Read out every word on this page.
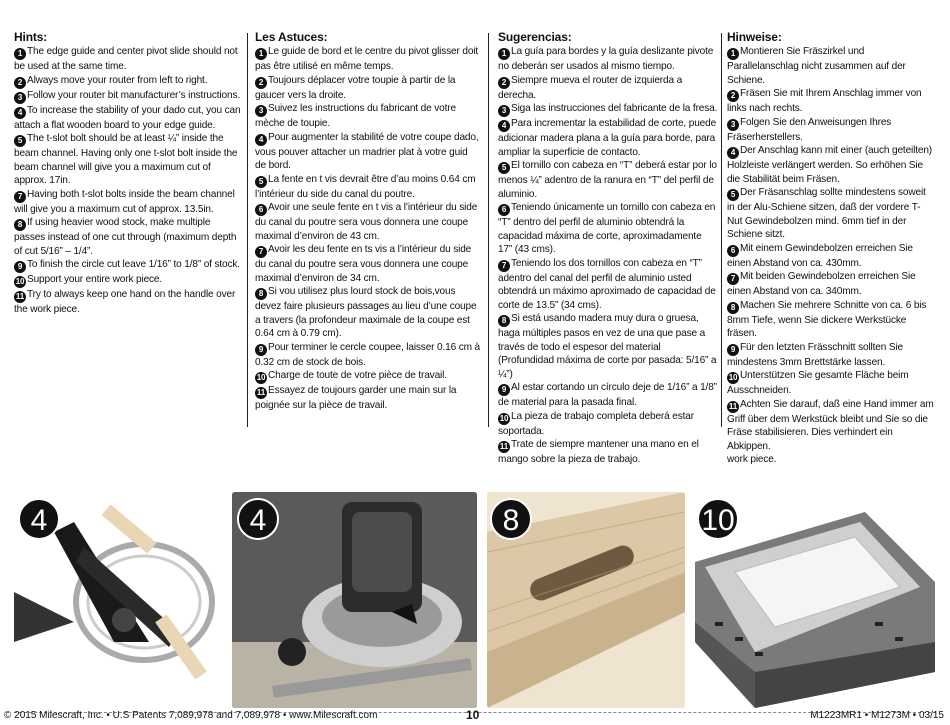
Hints:

1 The edge guide and center pivot slide should not be used at the same time.

2 Always move your router from left to right.

3 Follow your router bit manufacturer’s instructions.

4 To increase the stability of your dado cut, you can attach a flat wooden board to your edge guide.

5 The t-slot bolt should be at least ¼” inside the beam channel. Having only one t-slot bolt inside the beam channel will give you a maximum cut of approx. 17in.

7 Having both t-slot bolts inside the beam channel will give you a maximum cut of approx. 13.5in.

8 If using heavier wood stock, make multiple passes instead of one cut through (maximum depth of cut 5/16” – 1/4”.

9 To finish the circle cut leave 1/16” to 1/8” of stock.

10 Support your entire work piece.

11 Try to always keep one hand on the handle over the work piece.

Les Astuces:

1 Le guide de bord et le centre du pivot glisser doit pas être utilisé en même temps.

2 Toujours déplacer votre toupie à partir de la gaucer vers la droite.

3 Suivez les instructions du fabricant de votre mèche de toupie.

4 Pour augmenter la stabilité de votre coupe dado, vous pouver attacher un madrier plat à votre guid de bord.

5 La fente en t vis devrait être d’au moins 0.64 cm l’intérieur du side du canal du poutre.

6 Avoir une seule fente en t vis a l’intérieur du side du canal du poutre sera vous donnera une coupe maximal d’environ de 43 cm.

7 Avoir les deu fente en ts vis a l’intérieur du side du canal du poutre sera vous donnera une coupe maximal d’environ de 34 cm.

8 Si vou utilisez plus lourd stock de bois,vous devez faire plusieurs passages au lieu d’une coupe a travers (la profondeur maximale de la coupe est 0.64 cm à 0.79 cm).

9 Pour terminer le cercle coupee, laisser 0.16 cm à 0.32 cm de stock de bois.

10 Charge de toute de votre pièce de travail.

11 Essayez de toujours garder une main sur la poignée sur la pièce de travail.

Sugerencias:

1 La guía para bordes y la guía deslizante pivote no deberán ser usados al mismo tiempo.

2 Siempre mueva el router de izquierda a derecha.

3 Siga las instrucciones del fabricante de la fresa.

4 Para incrementar la estabilidad de corte, puede adicionar madera plana a la guía para borde, para ampliar la superficie de contacto.

5 El tornillo con cabeza en “T” deberá estar por lo menos ¼” adentro de la ranura en “T” del perfil de aluminio.

6 Teniendo únicamente un tornillo con cabeza en “T” dentro del perfil de aluminio obtendrá la capacidad máxima de corte, aproximadamente 17” (43 cms).

7 Teniendo los dos tornillos con cabeza en “T” adentro del canal del perfil de aluminio usted obtendrá un máximo aproximado de capacidad de corte de 13.5” (34 cms).

8 Si está usando madera muy dura o gruesa, haga múltiples pasos en vez de una que pase a través de todo el espesor del material (Profundidad máxima de corte por pasada: 5/16” a ¼”)

9 Al estar cortando un círculo deje de 1/16” a 1/8” de material para la pasada final.

10 La pieza de trabajo completa deberá estar soportada.

11 Trate de siempre mantener una mano en el mango sobre la pieza de trabajo.

Hinweise:

1 Montieren Sie Fräszirkel und Parallelanschlag nicht zusammen auf der Schiene.

2 Fräsen Sie mit Ihrem Anschlag immer von links nach rechts.

3 Folgen Sie den Anweisungen Ihres Fräserherstellers.

4 Der Anschlag kann mit einer (auch geteilten) Holzleiste verlängert werden. So erhöhen Sie die Stabilität beim Fräsen.

5 Der Fräsanschlag sollte mindestens soweit in der Alu-Schiene sitzen, daß der vordere T-Nut Gewindebolzen mind. 6mm tief in der Schiene sitzt.

6 Mit einem Gewindebolzen erreichen Sie einen Abstand von ca. 430mm.

7 Mit beiden Gewindebolzen erreichen Sie einen Abstand von ca. 340mm.

8 Machen Sie mehrere Schnitte von ca. 6 bis 8mm Tiefe, wenn Sie dickere Werkstücke fräsen.

9 Für den letzten Frässchnitt sollten Sie mindestens 3mm Brettstärke lassen.

10 Unterstützen Sie gesamte Fläche beim Ausschneiden.

11 Achten Sie darauf, daß eine Hand immer am Griff über dem Werkstück bleibt und Sie so die Fräse stabilisieren. Dies verhindert ein Abkippen.

work piece.

4	4	8	10
© 2015 Milescraft, Inc. • U.S Patents 7,089,978 and 7,089,978 • www.Milescraft.com	10	M1223MR1 • M1273M • 03/15
